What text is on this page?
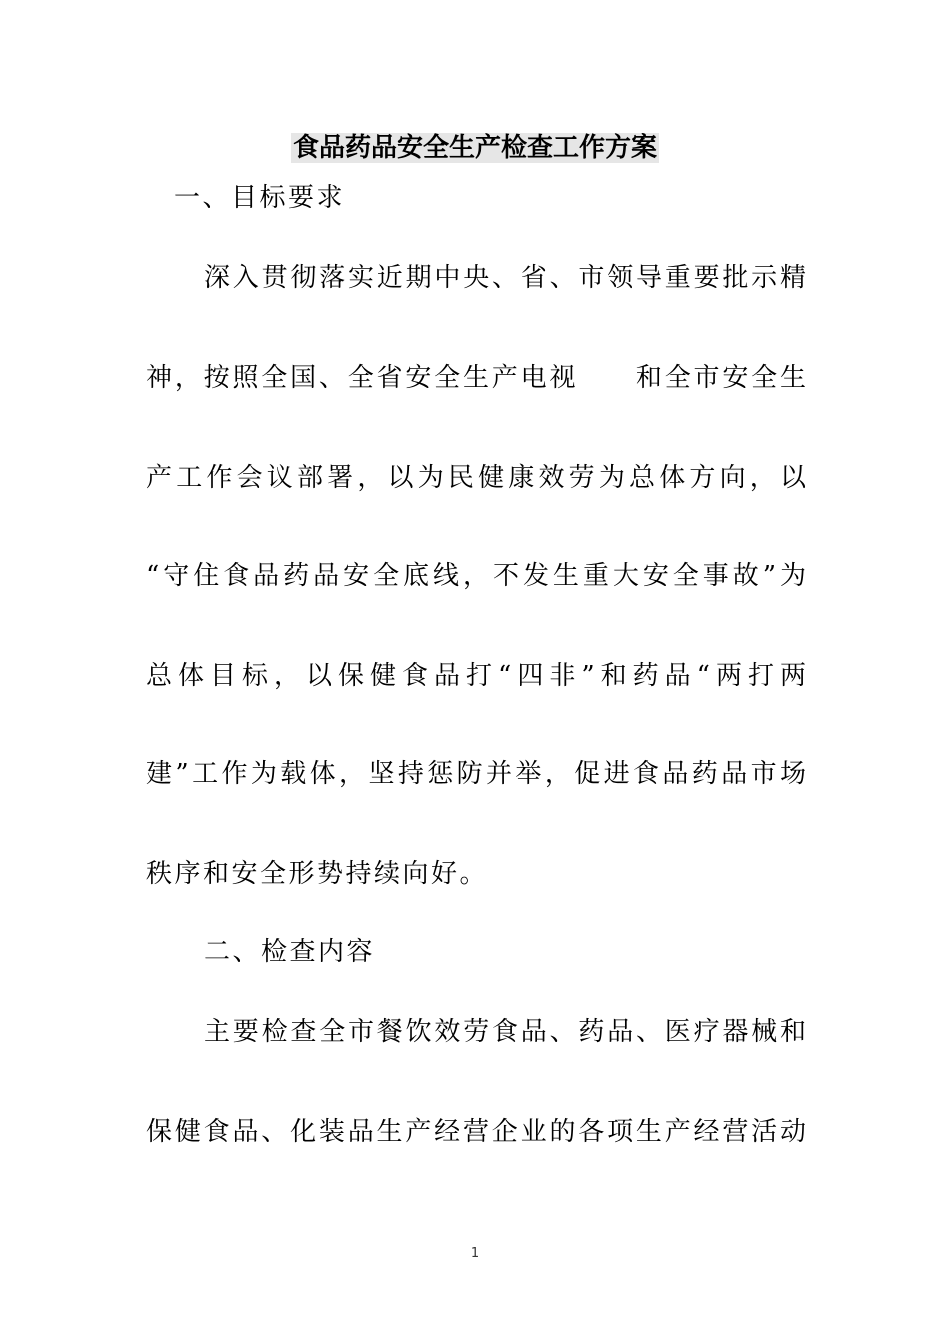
食品药品安全生产检查工作方案
一、目标要求
深入贯彻落实近期中央、省、市领导重要批示精
神，按照全国、全省安全生产电视　　和全市安全生
产工作会议部署，以为民健康效劳为总体方向，以
“守住食品药品安全底线，不发生重大安全事故”为
总体目标，以保健食品打“四非”和药品“两打两
建”工作为载体，坚持惩防并举，促进食品药品市场
秩序和安全形势持续向好。
二、检查内容
主要检查全市餐饮效劳食品、药品、医疗器械和
保健食品、化装品生产经营企业的各项生产经营活动
1
